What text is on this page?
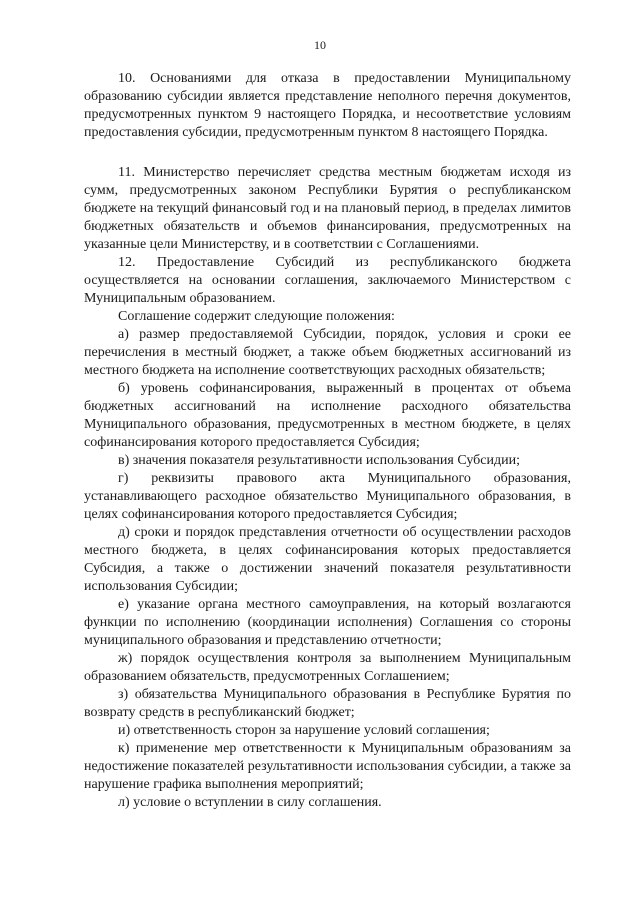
10

10. Основаниями для отказа в предоставлении Муниципальному образованию субсидии является представление неполного перечня документов, предусмотренных пунктом 9 настоящего Порядка, и несоответствие условиям предоставления субсидии, предусмотренным пунктом 8 настоящего Порядка.

11. Министерство перечисляет средства местным бюджетам исходя из сумм, предусмотренных законом Республики Бурятия о республиканском бюджете на текущий финансовый год и на плановый период, в пределах лимитов бюджетных обязательств и объемов финансирования, предусмотренных на указанные цели Министерству, и в соответствии с Соглашениями.

12. Предоставление Субсидий из республиканского бюджета осуществляется на основании соглашения, заключаемого Министерством с Муниципальным образованием.

Соглашение содержит следующие положения:

а) размер предоставляемой Субсидии, порядок, условия и сроки ее перечисления в местный бюджет, а также объем бюджетных ассигнований из местного бюджета на исполнение соответствующих расходных обязательств;

б) уровень софинансирования, выраженный в процентах от объема бюджетных ассигнований на исполнение расходного обязательства Муниципального образования, предусмотренных в местном бюджете, в целях софинансирования которого предоставляется Субсидия;

в) значения показателя результативности использования Субсидии;

г) реквизиты правового акта Муниципального образования, устанавливающего расходное обязательство Муниципального образования, в целях софинансирования которого предоставляется Субсидия;

д) сроки и порядок представления отчетности об осуществлении расходов местного бюджета, в целях софинансирования которых предоставляется Субсидия, а также о достижении значений показателя результативности использования Субсидии;

е) указание органа местного самоуправления, на который возлагаются функции по исполнению (координации исполнения) Соглашения со стороны муниципального образования и представлению отчетности;

ж) порядок осуществления контроля за выполнением Муниципальным образованием обязательств, предусмотренных Соглашением;

з) обязательства Муниципального образования в Республике Бурятия по возврату средств в республиканский бюджет;

и) ответственность сторон за нарушение условий соглашения;

к) применение мер ответственности к Муниципальным образованиям за недостижение показателей результативности использования субсидии, а также за нарушение графика выполнения мероприятий;

л) условие о вступлении в силу соглашения.
